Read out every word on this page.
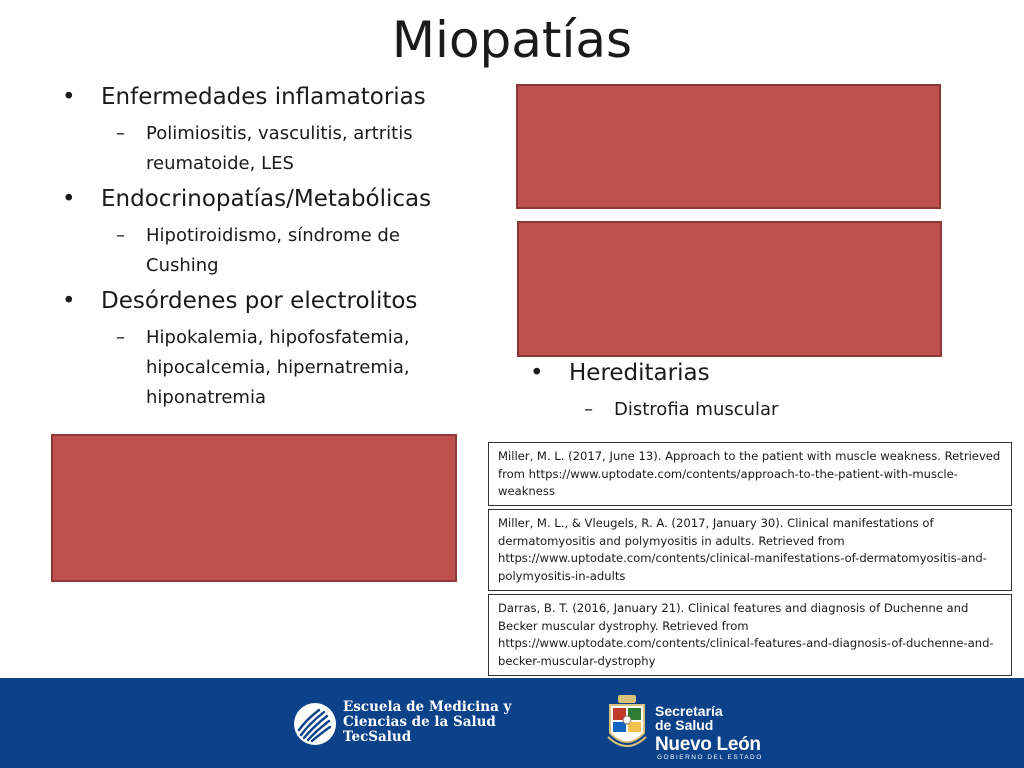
Miopatías
• Enfermedades inflamatorias
– Polimiositis, vasculitis, artritis reumatoide, LES
• Endocrinopatías/Metabólicas
– Hipotiroidismo, síndrome de Cushing
• Desórdenes por electrolitos
– Hipokalemia, hipofosfatemia, hipocalcemia, hipernatremia, hiponatremia
• Hereditarias
– Distrofia muscular
Miller, M. L. (2017, June 13). Approach to the patient with muscle weakness. Retrieved from https://www.uptodate.com/contents/approach-to-the-patient-with-muscle-weakness
Miller, M. L., & Vleugels, R. A. (2017, January 30). Clinical manifestations of dermatomyositis and polymyositis in adults. Retrieved from https://www.uptodate.com/contents/clinical-manifestations-of-dermatomyositis-and-polymyositis-in-adults
Darras, B. T. (2016, January 21). Clinical features and diagnosis of Duchenne and Becker muscular dystrophy. Retrieved from https://www.uptodate.com/contents/clinical-features-and-diagnosis-of-duchenne-and-becker-muscular-dystrophy
Escuela de Medicina y
Ciencias de la Salud
TecSalud
Secretaría
de Salud
Nuevo León
GOBIERNO DEL ESTADO
